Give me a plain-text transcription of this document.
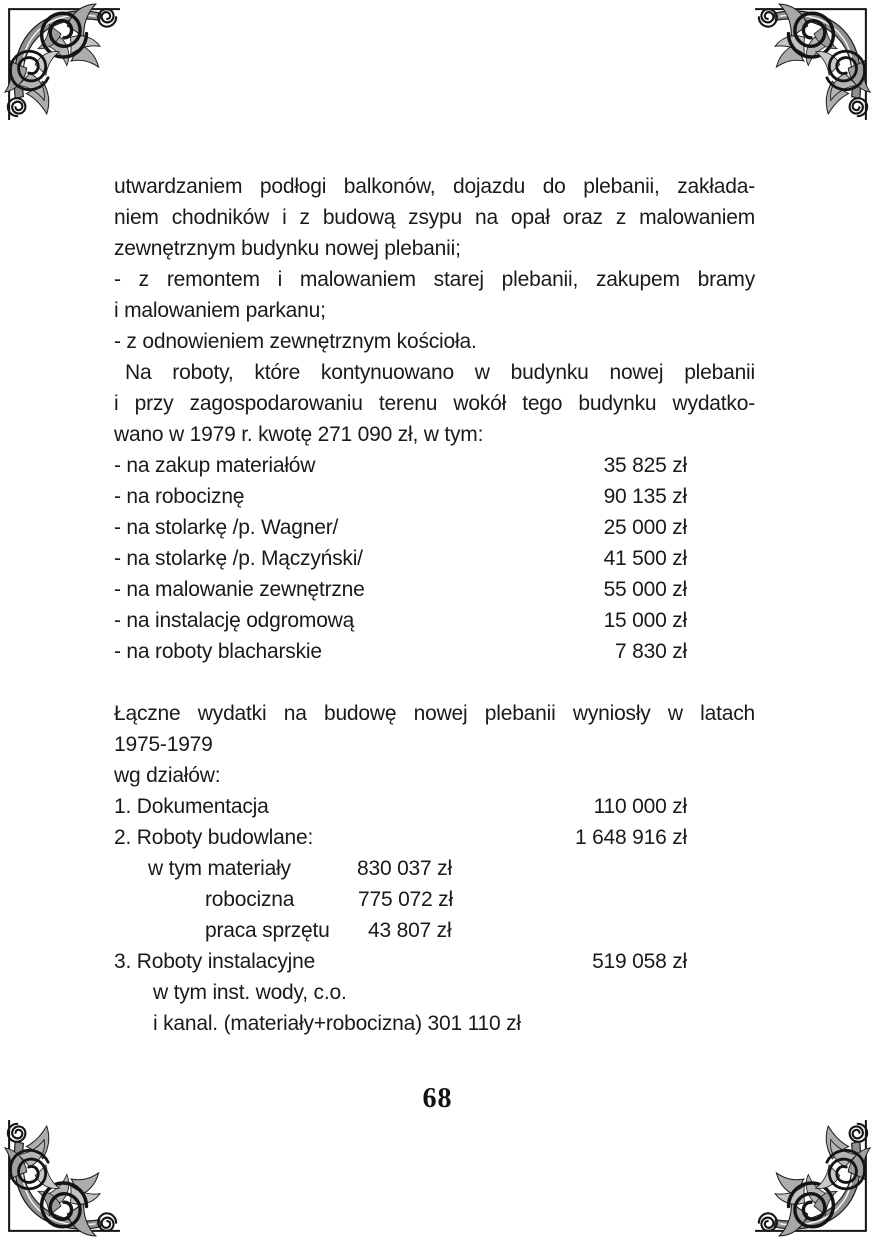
utwardzaniem podłogi balkonów, dojazdu do plebanii, zakłada-
niem chodników i z budową zsypu na opał oraz z malowaniem
zewnętrznym budynku nowej plebanii;
- z remontem i malowaniem starej plebanii, zakupem bramy
i malowaniem parkanu;
- z odnowieniem zewnętrznym kościoła.
Na roboty, które kontynuowano w budynku nowej plebanii
i przy zagospodarowaniu terenu wokół tego budynku wydatko-
wano w 1979 r. kwotę 271 090 zł, w tym:
- na zakup materiałów	35 825 zł
- na robociznę	90 135 zł
- na stolarkę /p. Wagner/	25 000 zł
- na stolarkę /p. Mączyński/	41 500 zł
- na malowanie zewnętrzne	55 000 zł
- na instalację odgromową	15 000 zł
- na roboty blacharskie	7 830 zł
Łączne wydatki na budowę nowej plebanii wyniosły w latach
1975-1979
wg działów:
1. Dokumentacja	110 000 zł
2. Roboty budowlane:	1 648 916 zł
w tym materiały	830 037 zł
robocizna	775 072 zł
praca sprzętu 43 807 zł
3. Roboty instalacyjne	519 058 zł
w tym inst. wody, c.o.
i kanal. (materiały+robocizna) 301 110 zł
68
